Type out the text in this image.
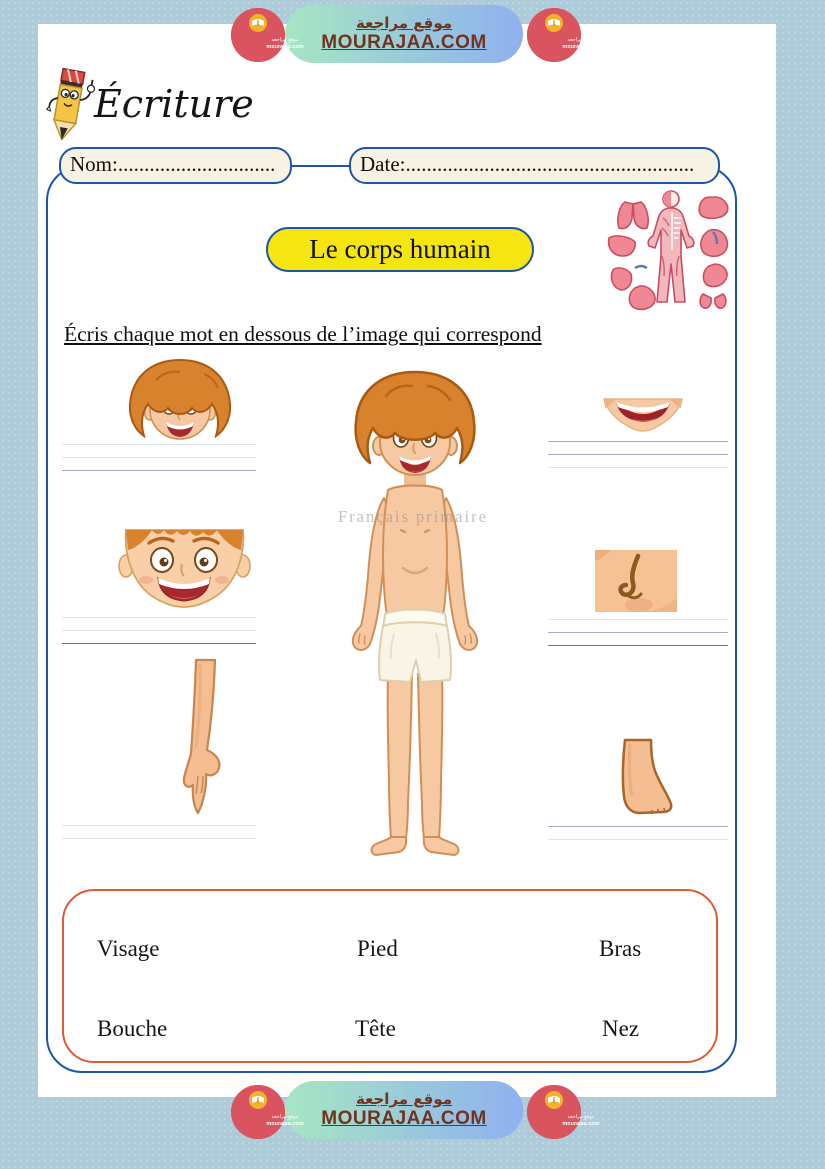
Écriture
Nom:..............................	Date:.......................................................
Le corps humain
Écris chaque mot en dessous de l’image qui correspond
Français primaire
Visage	Pied	Bras
Bouche	Tête	Nez
موقع مراجعة
MOURAJAA.COM
موقع مراجعة
mourajaa.com
موقع مراجعة
mourajaa.com
موقع مراجعة
MOURAJAA.COM
موقع مراجعة
mourajaa.com
موقع مراجعة
mourajaa.com
